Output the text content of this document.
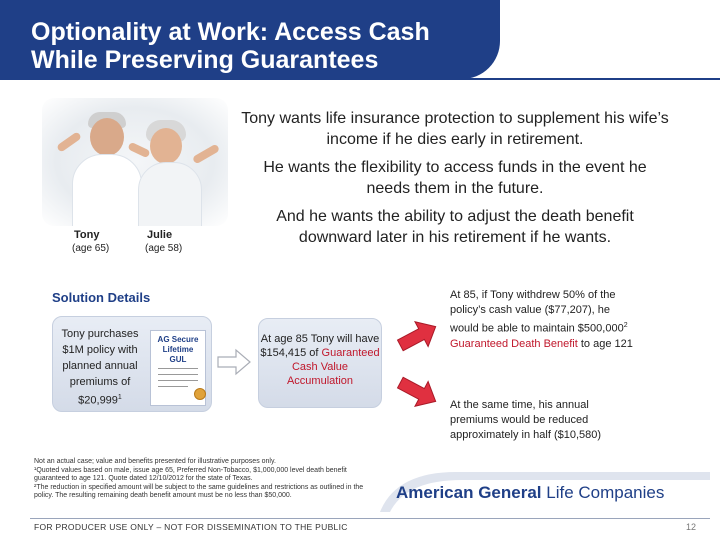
Optionality at Work: Access Cash
While Preserving Guarantees
Tony
(age 65)
Julie
(age 58)
Tony wants life insurance protection to supplement his wife’s income if he dies early in retirement.
He wants the flexibility to access funds in the event he needs them in the future.
And he wants the ability to adjust the death benefit downward later in his retirement if he wants.
Solution Details
Tony purchases $1M policy with planned annual premiums of $20,999$^1$
AG Secure
Lifetime
GUL
At age 85 Tony will have $154,415 of Guaranteed Cash Value Accumulation
At 85, if Tony withdrew 50% of the policy’s cash value ($77,207), he would be able to maintain $500,000$^2$ Guaranteed Death Benefit to age 121
At the same time, his annual premiums would be reduced approximately in half ($10,580)
Not an actual case; value and benefits presented for illustrative purposes only.
¹Quoted values based on male, issue age 65, Preferred Non-Tobacco, $1,000,000 level death benefit guaranteed to age 121. Quote dated 12/10/2012 for the state of Texas.
²The reduction in specified amount will be subject to the same guidelines and restrictions as outlined in the policy. The resulting remaining death benefit amount must be no less than $50,000.	American General Life Companies
FOR PRODUCER USE ONLY – NOT FOR DISSEMINATION TO THE PUBLIC	12
